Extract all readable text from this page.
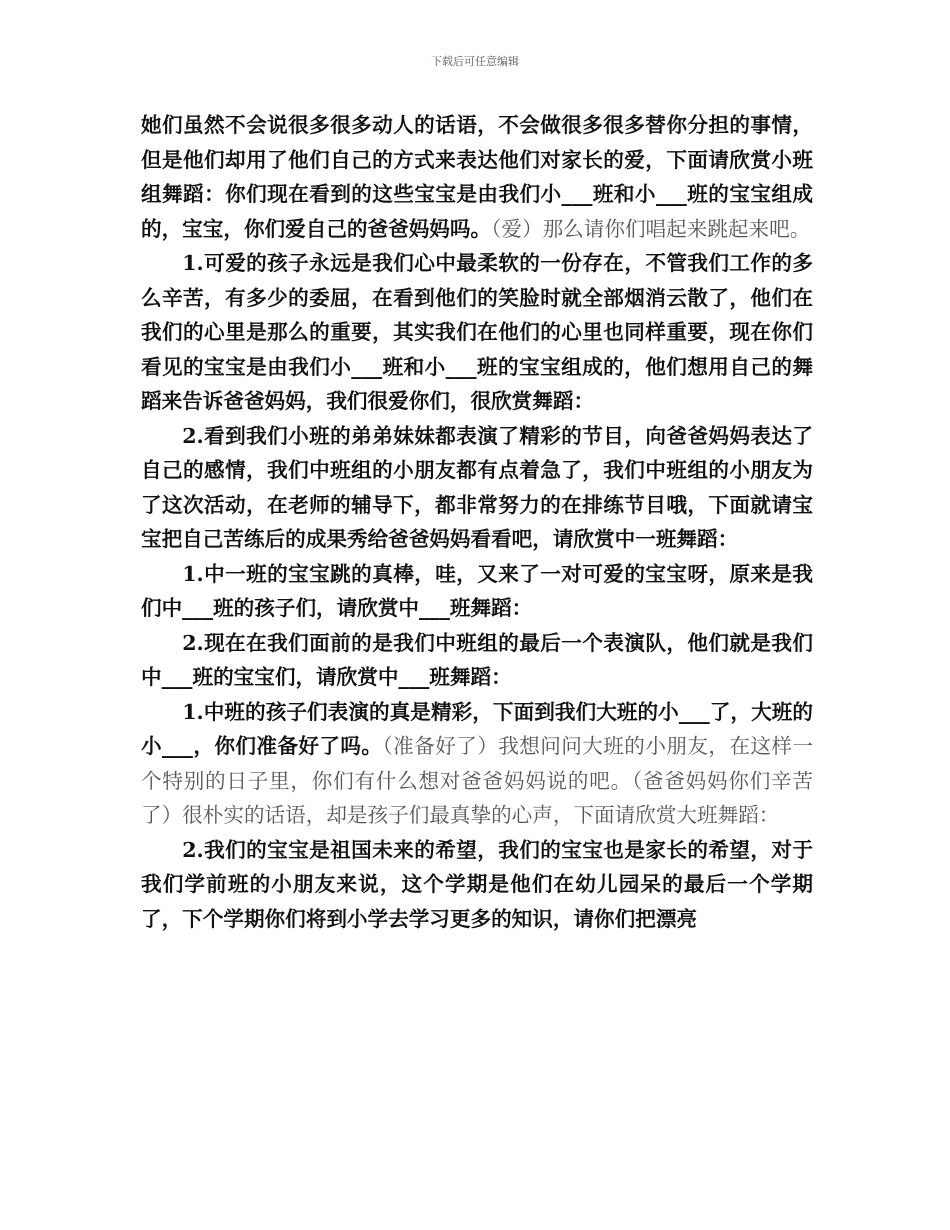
下载后可任意编辑

她们虽然不会说很多很多动人的话语，不会做很多很多替你分担的事情，但是他们却用了他们自己的方式来表达他们对家长的爱，下面请欣赏小班组舞蹈：你们现在看到的这些宝宝是由我们小___班和小___班的宝宝组成的，宝宝，你们爱自己的爸爸妈妈吗。（爱）那么请你们唱起来跳起来吧。

1.可爱的孩子永远是我们心中最柔软的一份存在，不管我们工作的多么辛苦，有多少的委屈，在看到他们的笑脸时就全部烟消云散了，他们在我们的心里是那么的重要，其实我们在他们的心里也同样重要，现在你们看见的宝宝是由我们小___班和小___班的宝宝组成的，他们想用自己的舞蹈来告诉爸爸妈妈，我们很爱你们，很欣赏舞蹈：

2.看到我们小班的弟弟妹妹都表演了精彩的节目，向爸爸妈妈表达了自己的感情，我们中班组的小朋友都有点着急了，我们中班组的小朋友为了这次活动，在老师的辅导下，都非常努力的在排练节目哦，下面就请宝宝把自己苦练后的成果秀给爸爸妈妈看看吧，请欣赏中一班舞蹈：

1.中一班的宝宝跳的真棒，哇，又来了一对可爱的宝宝呀，原来是我们中___班的孩子们，请欣赏中___班舞蹈：

2.现在在我们面前的是我们中班组的最后一个表演队，他们就是我们中___班的宝宝们，请欣赏中___班舞蹈：

1.中班的孩子们表演的真是精彩，下面到我们大班的小___了，大班的小___，你们准备好了吗。（准备好了）我想问问大班的小朋友，在这样一个特别的日子里，你们有什么想对爸爸妈妈说的吧。（爸爸妈妈你们辛苦了）很朴实的话语，却是孩子们最真挚的心声，下面请欣赏大班舞蹈：

2.我们的宝宝是祖国未来的希望，我们的宝宝也是家长的希望，对于我们学前班的小朋友来说，这个学期是他们在幼儿园呆的最后一个学期了，下个学期你们将到小学去学习更多的知识，请你们把漂亮
